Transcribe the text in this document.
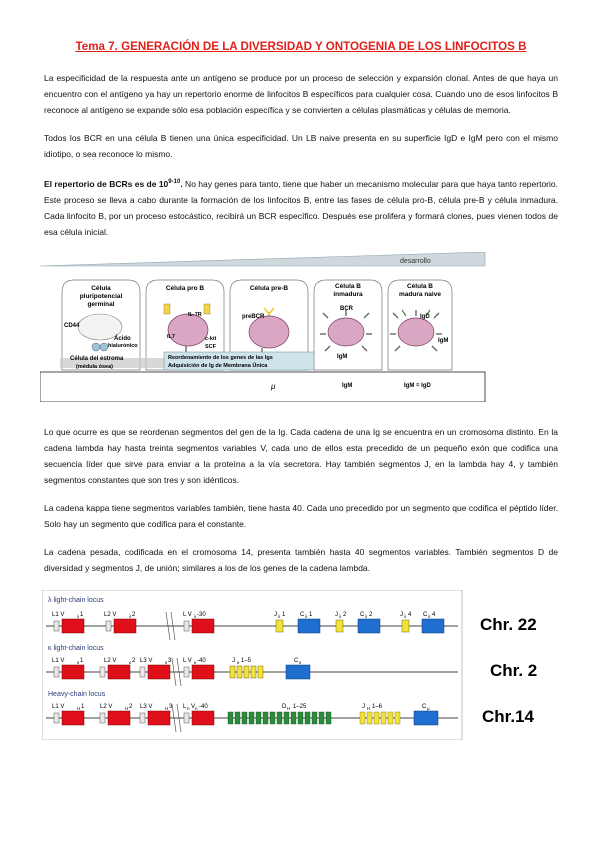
Tema 7. GENERACIÓN DE LA DIVERSIDAD Y ONTOGENIA DE LOS LINFOCITOS B

La especificidad de la respuesta ante un antígeno se produce por un proceso de selección y expansión clonal. Antes de que haya un encuentro con el antígeno ya hay un repertorio enorme de linfocitos B específicos para cualquier cosa. Cuando uno de esos linfocitos B reconoce al antígeno se expande sólo esa población específica y se convierten a células plasmáticas y células de memoria.

Todos los BCR en una célula B tienen una única especificidad. Un LB naive presenta en su superficie IgD e IgM pero con el mismo idiotipo, o sea reconoce lo mismo.

El repertorio de BCRs es de 10$^{9-10}$. No hay genes para tanto, tiene que haber un mecanismo molecular para que haya tanto repertorio. Este proceso se lleva a cabo durante la formación de los linfocitos B, entre las fases de célula pro-B, célula pre-B y célula inmadura. Cada linfocito B, por un proceso estocástico, recibirá un BCR específico. Después ese prolifera y formará clones, pues vienen todos de esa célula inicial.

desarrollo
Célula
pluripotencial
germinal
Célula pro B	Célula pre-B	Célula B
inmadura
Célula B
madura naive
CD44
Ácido
hialurónico
Célula del estroma
(médula ósea)
IL-7R
IL7	c-kit
SCF
preBCR
BCR
IgM
IgD
IgM
Reordenamiento de los genes de las Igs
Adquisición de Ig de Membrana Única
μ	IgM	IgM = IgD

Lo que ocurre es que se reordenan segmentos del gen de la Ig. Cada cadena de una Ig se encuentra en un cromosoma distinto. En la cadena lambda hay hasta treinta segmentos variables V, cada uno de ellos esta precedido de un pequeño exón que codifica una secuencia líder que sirve para enviar a la proteína a la vía secretora. Hay también segmentos J, en la lambda hay 4, y también segmentos constantes que son tres y son idénticos.

La cadena kappa tiene segmentos variables también, tiene hasta 40. Cada uno precedido por un segmento que codifica el péptido líder. Solo hay un segmento que codifica para el constante.

La cadena pesada, codificada en el cromosoma 14, presenta también hasta 40 segmentos variables. También segmentos D de diversidad y segmentos J, de unión; similares a los de los genes de la cadena lambda.

λ light-chain locus
L1 V	λ 1	L2 V	λ 2	L V λ -30	J λ 1 C λ 1	J λ 2 C λ 2	J λ 4 C λ 4
κ light-chain locus
L1 V	κ 1	L2 V	κ 2 L3 V	κ 3 L V κ -40	J κ 1–5	C κ
Heavy-chain locus
L1 V	H 1	L2 V	H 2 L3 V	H 3 L n V n -40	D H 1–25	J H 1–6	C μ
Chr. 22
Chr. 2
Chr.14
